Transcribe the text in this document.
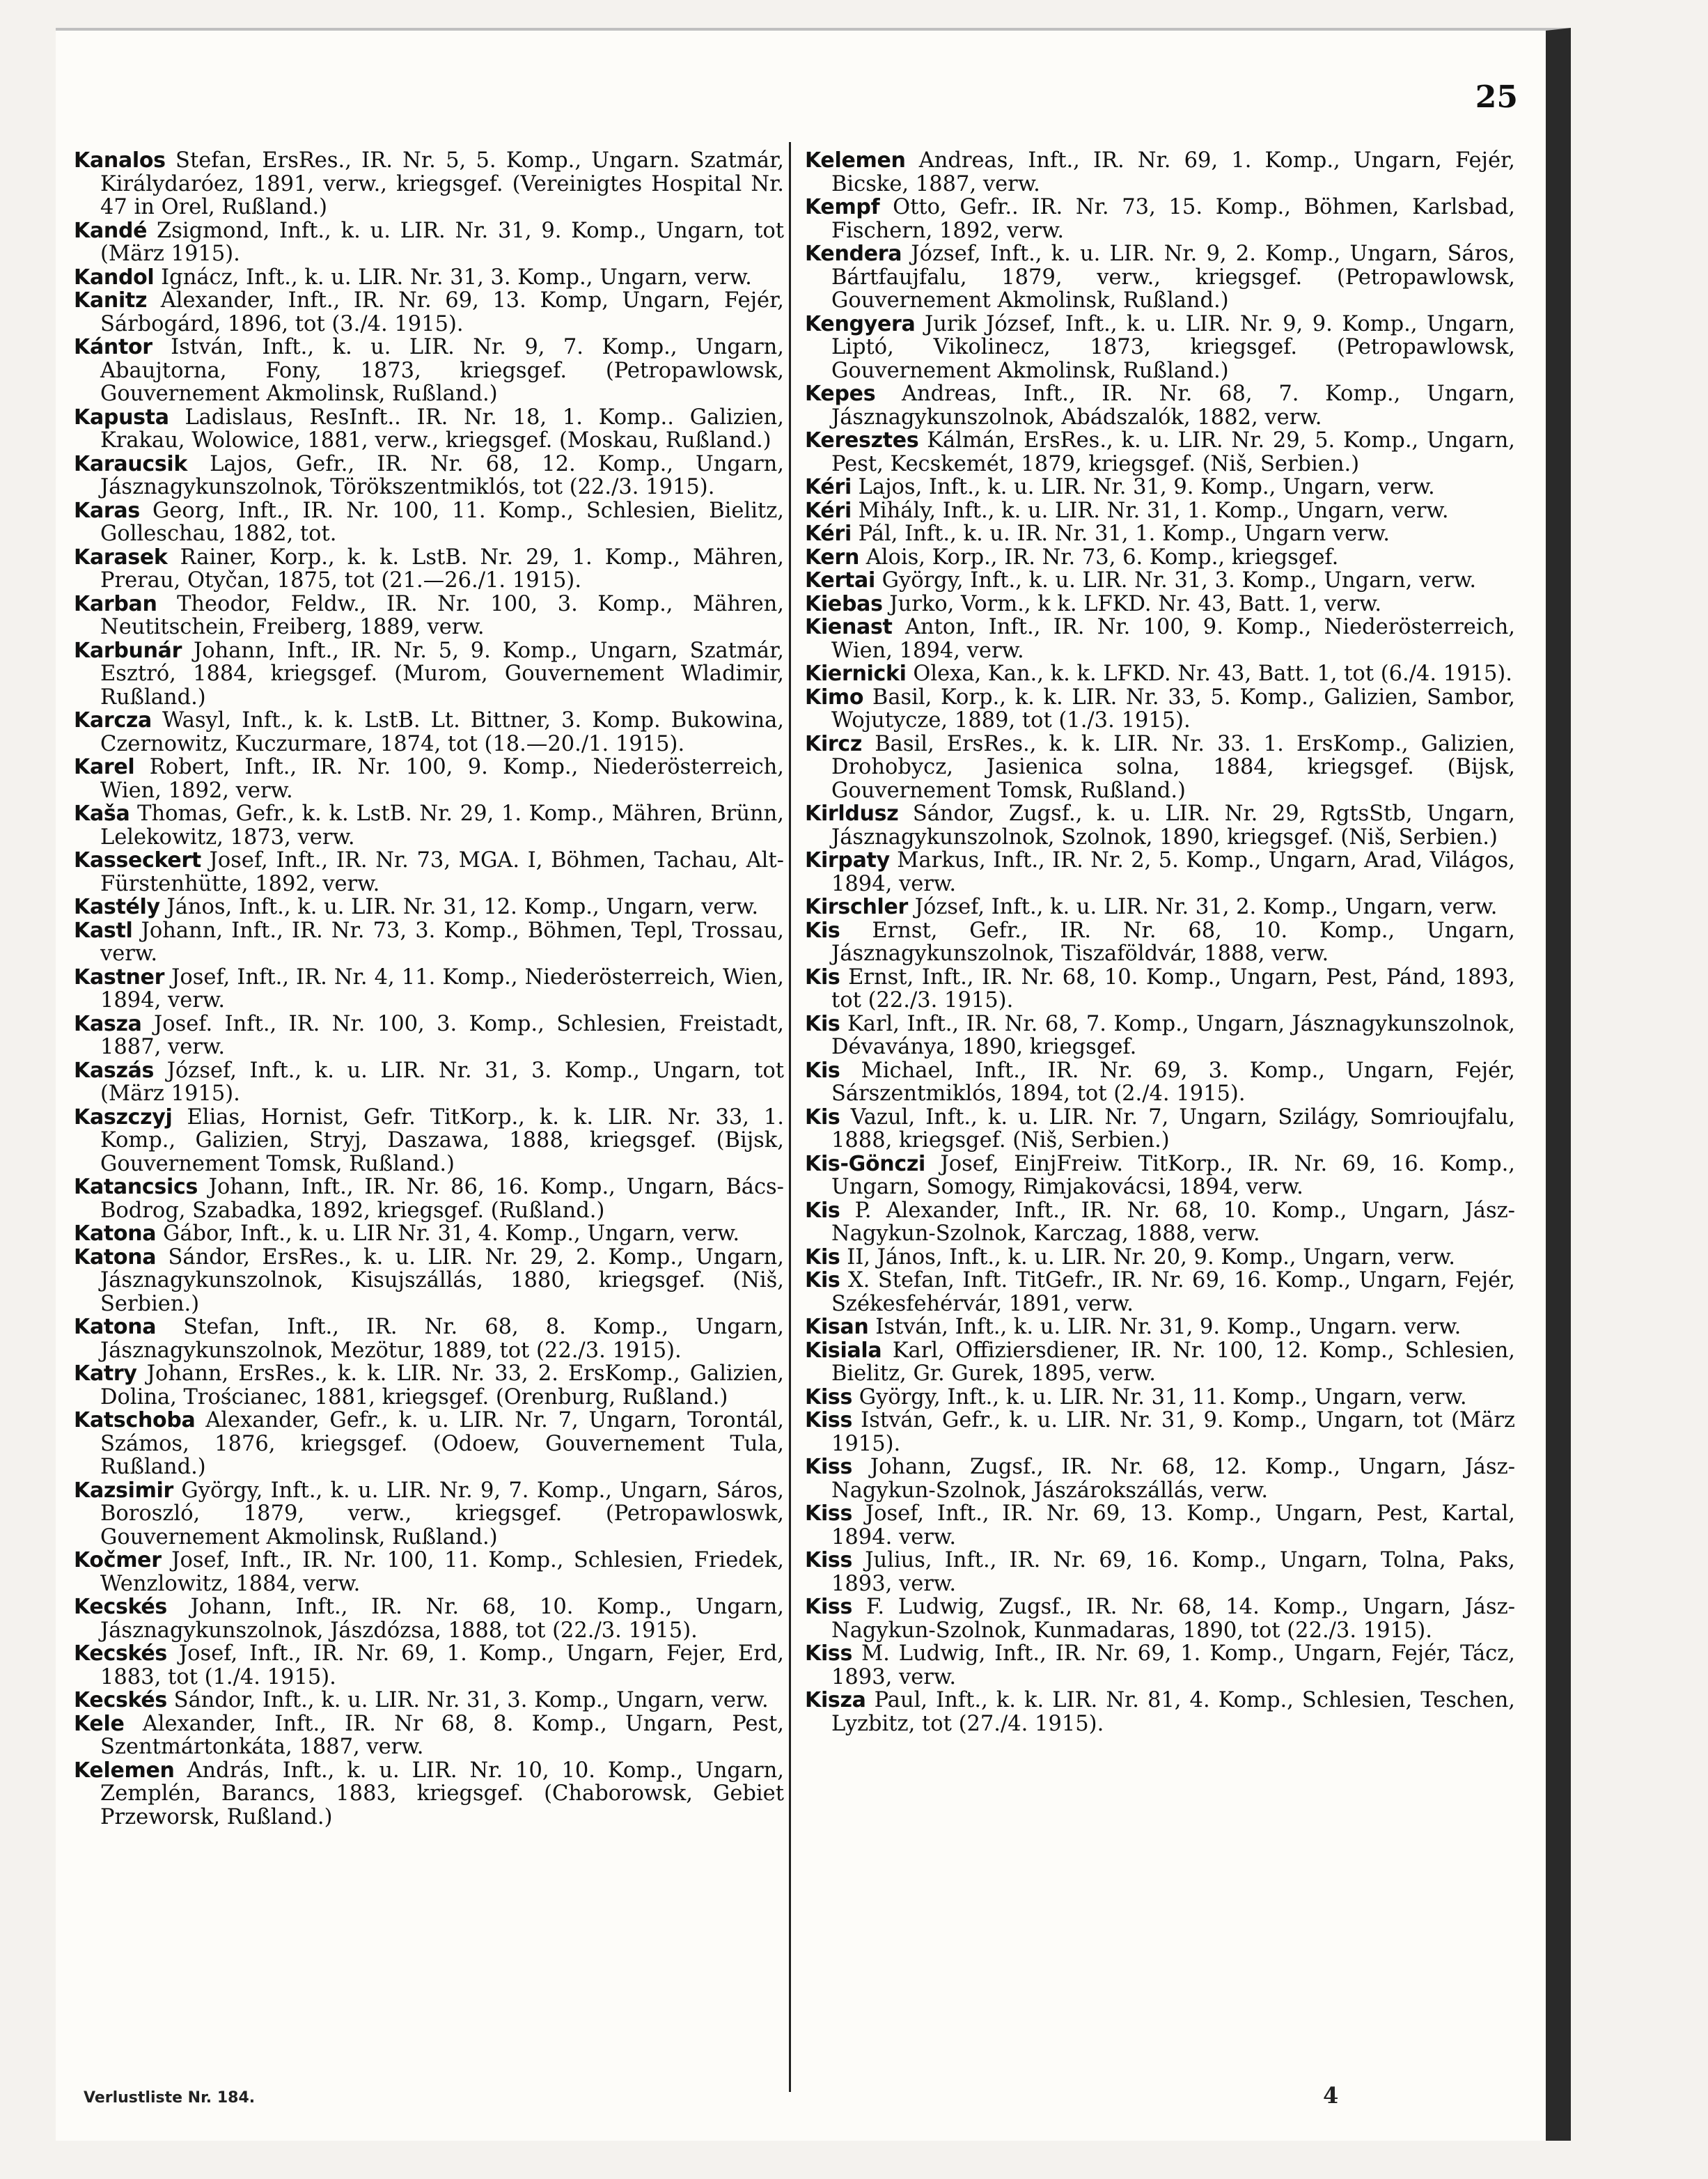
25

Kanalos Stefan, ErsRes., IR. Nr. 5, 5. Komp., Ungarn. Szatmár, Királydaróez, 1891, verw., kriegsgef. (Vereinigtes Hospital Nr. 47 in Orel, Rußland.)

Kandé Zsigmond, Inft., k. u. LIR. Nr. 31, 9. Komp., Ungarn, tot (März 1915).

Kandol Ignácz, Inft., k. u. LIR. Nr. 31, 3. Komp., Ungarn, verw.

Kanitz Alexander, Inft., IR. Nr. 69, 13. Komp, Ungarn, Fejér, Sárbogárd, 1896, tot (3./4. 1915).

Kántor István, Inft., k. u. LIR. Nr. 9, 7. Komp., Ungarn, Abaujtorna, Fony, 1873, kriegsgef. (Petropawlowsk, Gouvernement Akmolinsk, Rußland.)

Kapusta Ladislaus, ResInft.. IR. Nr. 18, 1. Komp.. Galizien, Krakau, Wolowice, 1881, verw., kriegsgef. (Moskau, Rußland.)

Karaucsik Lajos, Gefr., IR. Nr. 68, 12. Komp., Ungarn, Jásznagykunszolnok, Törökszentmiklós, tot (22./3. 1915).

Karas Georg, Inft., IR. Nr. 100, 11. Komp., Schlesien, Bielitz, Golleschau, 1882, tot.

Karasek Rainer, Korp., k. k. LstB. Nr. 29, 1. Komp., Mähren, Prerau, Otyčan, 1875, tot (21.—26./1. 1915).

Karban Theodor, Feldw., IR. Nr. 100, 3. Komp., Mähren, Neutitschein, Freiberg, 1889, verw.

Karbunár Johann, Inft., IR. Nr. 5, 9. Komp., Ungarn, Szatmár, Esztró, 1884, kriegsgef. (Murom, Gouvernement Wladimir, Rußland.)

Karcza Wasyl, Inft., k. k. LstB. Lt. Bittner, 3. Komp. Bukowina, Czernowitz, Kuczurmare, 1874, tot (18.—20./1. 1915).

Karel Robert, Inft., IR. Nr. 100, 9. Komp., Niederösterreich, Wien, 1892, verw.

Kaša Thomas, Gefr., k. k. LstB. Nr. 29, 1. Komp., Mähren, Brünn, Lelekowitz, 1873, verw.

Kasseckert Josef, Inft., IR. Nr. 73, MGA. I, Böhmen, Tachau, Alt-Fürstenhütte, 1892, verw.

Kastély János, Inft., k. u. LIR. Nr. 31, 12. Komp., Ungarn, verw.

Kastl Johann, Inft., IR. Nr. 73, 3. Komp., Böhmen, Tepl, Trossau, verw.

Kastner Josef, Inft., IR. Nr. 4, 11. Komp., Niederösterreich, Wien, 1894, verw.

Kasza Josef. Inft., IR. Nr. 100, 3. Komp., Schlesien, Freistadt, 1887, verw.

Kaszás József, Inft., k. u. LIR. Nr. 31, 3. Komp., Ungarn, tot (März 1915).

Kaszczyj Elias, Hornist, Gefr. TitKorp., k. k. LIR. Nr. 33, 1. Komp., Galizien, Stryj, Daszawa, 1888, kriegsgef. (Bijsk, Gouvernement Tomsk, Rußland.)

Katancsics Johann, Inft., IR. Nr. 86, 16. Komp., Ungarn, Bács-Bodrog, Szabadka, 1892, kriegsgef. (Rußland.)

Katona Gábor, Inft., k. u. LIR Nr. 31, 4. Komp., Ungarn, verw.

Katona Sándor, ErsRes., k. u. LIR. Nr. 29, 2. Komp., Ungarn, Jásznagykunszolnok, Kisujszállás, 1880, kriegsgef. (Niš, Serbien.)

Katona Stefan, Inft., IR. Nr. 68, 8. Komp., Ungarn, Jásznagykunszolnok, Mezötur, 1889, tot (22./3. 1915).

Katry Johann, ErsRes., k. k. LIR. Nr. 33, 2. ErsKomp., Galizien, Dolina, Trościanec, 1881, kriegsgef. (Orenburg, Rußland.)

Katschoba Alexander, Gefr., k. u. LIR. Nr. 7, Ungarn, Torontál, Számos, 1876, kriegsgef. (Odoew, Gouvernement Tula, Rußland.)

Kazsimir György, Inft., k. u. LIR. Nr. 9, 7. Komp., Ungarn, Sáros, Boroszló, 1879, verw., kriegsgef. (Petropawloswk, Gouvernement Akmolinsk, Rußland.)

Kočmer Josef, Inft., IR. Nr. 100, 11. Komp., Schlesien, Friedek, Wenzlowitz, 1884, verw.

Kecskés Johann, Inft., IR. Nr. 68, 10. Komp., Ungarn, Jásznagykunszolnok, Jászdózsa, 1888, tot (22./3. 1915).

Kecskés Josef, Inft., IR. Nr. 69, 1. Komp., Ungarn, Fejer, Erd, 1883, tot (1./4. 1915).

Kecskés Sándor, Inft., k. u. LIR. Nr. 31, 3. Komp., Ungarn, verw.

Kele Alexander, Inft., IR. Nr 68, 8. Komp., Ungarn, Pest, Szentmártonkáta, 1887, verw.

Kelemen András, Inft., k. u. LIR. Nr. 10, 10. Komp., Ungarn, Zemplén, Barancs, 1883, kriegsgef. (Chaborowsk, Gebiet Przeworsk, Rußland.)

Kelemen Andreas, Inft., IR. Nr. 69, 1. Komp., Ungarn, Fejér, Bicske, 1887, verw.

Kempf Otto, Gefr.. IR. Nr. 73, 15. Komp., Böhmen, Karlsbad, Fischern, 1892, verw.

Kendera József, Inft., k. u. LIR. Nr. 9, 2. Komp., Ungarn, Sáros, Bártfaujfalu, 1879, verw., kriegsgef. (Petropawlowsk, Gouvernement Akmolinsk, Rußland.)

Kengyera Jurik József, Inft., k. u. LIR. Nr. 9, 9. Komp., Ungarn, Liptó, Vikolinecz, 1873, kriegsgef. (Petropawlowsk, Gouvernement Akmolinsk, Rußland.)

Kepes Andreas, Inft., IR. Nr. 68, 7. Komp., Ungarn, Jásznagykunszolnok, Abádszalók, 1882, verw.

Keresztes Kálmán, ErsRes., k. u. LIR. Nr. 29, 5. Komp., Ungarn, Pest, Kecskemét, 1879, kriegsgef. (Niš, Serbien.)

Kéri Lajos, Inft., k. u. LIR. Nr. 31, 9. Komp., Ungarn, verw.

Kéri Mihály, Inft., k. u. LIR. Nr. 31, 1. Komp., Ungarn, verw.

Kéri Pál, Inft., k. u. IR. Nr. 31, 1. Komp., Ungarn verw.

Kern Alois, Korp., IR. Nr. 73, 6. Komp., kriegsgef.

Kertai György, Inft., k. u. LIR. Nr. 31, 3. Komp., Ungarn, verw.

Kiebas Jurko, Vorm., k k. LFKD. Nr. 43, Batt. 1, verw.

Kienast Anton, Inft., IR. Nr. 100, 9. Komp., Niederösterreich, Wien, 1894, verw.

Kiernicki Olexa, Kan., k. k. LFKD. Nr. 43, Batt. 1, tot (6./4. 1915).

Kimo Basil, Korp., k. k. LIR. Nr. 33, 5. Komp., Galizien, Sambor, Wojutycze, 1889, tot (1./3. 1915).

Kircz Basil, ErsRes., k. k. LIR. Nr. 33. 1. ErsKomp., Galizien, Drohobycz, Jasienica solna, 1884, kriegsgef. (Bijsk, Gouvernement Tomsk, Rußland.)

Kirldusz Sándor, Zugsf., k. u. LIR. Nr. 29, RgtsStb, Ungarn, Jásznagykunszolnok, Szolnok, 1890, kriegsgef. (Niš, Serbien.)

Kirpaty Markus, Inft., IR. Nr. 2, 5. Komp., Ungarn, Arad, Világos, 1894, verw.

Kirschler József, Inft., k. u. LIR. Nr. 31, 2. Komp., Ungarn, verw.

Kis Ernst, Gefr., IR. Nr. 68, 10. Komp., Ungarn, Jásznagykunszolnok, Tiszaföldvár, 1888, verw.

Kis Ernst, Inft., IR. Nr. 68, 10. Komp., Ungarn, Pest, Pánd, 1893, tot (22./3. 1915).

Kis Karl, Inft., IR. Nr. 68, 7. Komp., Ungarn, Jásznagykunszolnok, Dévaványa, 1890, kriegsgef.

Kis Michael, Inft., IR. Nr. 69, 3. Komp., Ungarn, Fejér, Sárszentmiklós, 1894, tot (2./4. 1915).

Kis Vazul, Inft., k. u. LIR. Nr. 7, Ungarn, Szilágy, Somrioujfalu, 1888, kriegsgef. (Niš, Serbien.)

Kis-Gönczi Josef, EinjFreiw. TitKorp., IR. Nr. 69, 16. Komp., Ungarn, Somogy, Rimjakovácsi, 1894, verw.

Kis P. Alexander, Inft., IR. Nr. 68, 10. Komp., Ungarn, Jász-Nagykun-Szolnok, Karczag, 1888, verw.

Kis II, János, Inft., k. u. LIR. Nr. 20, 9. Komp., Ungarn, verw.

Kis X. Stefan, Inft. TitGefr., IR. Nr. 69, 16. Komp., Ungarn, Fejér, Székesfehérvár, 1891, verw.

Kisan István, Inft., k. u. LIR. Nr. 31, 9. Komp., Ungarn. verw.

Kisiala Karl, Offiziersdiener, IR. Nr. 100, 12. Komp., Schlesien, Bielitz, Gr. Gurek, 1895, verw.

Kiss György, Inft., k. u. LIR. Nr. 31, 11. Komp., Ungarn, verw.

Kiss István, Gefr., k. u. LIR. Nr. 31, 9. Komp., Ungarn, tot (März 1915).

Kiss Johann, Zugsf., IR. Nr. 68, 12. Komp., Ungarn, Jász-Nagykun-Szolnok, Jászárokszállás, verw.

Kiss Josef, Inft., IR. Nr. 69, 13. Komp., Ungarn, Pest, Kartal, 1894. verw.

Kiss Julius, Inft., IR. Nr. 69, 16. Komp., Ungarn, Tolna, Paks, 1893, verw.

Kiss F. Ludwig, Zugsf., IR. Nr. 68, 14. Komp., Ungarn, Jász-Nagykun-Szolnok, Kunmadaras, 1890, tot (22./3. 1915).

Kiss M. Ludwig, Inft., IR. Nr. 69, 1. Komp., Ungarn, Fejér, Tácz, 1893, verw.

Kisza Paul, Inft., k. k. LIR. Nr. 81, 4. Komp., Schlesien, Teschen, Lyzbitz, tot (27./4. 1915).

Verlustliste Nr. 184.	4
